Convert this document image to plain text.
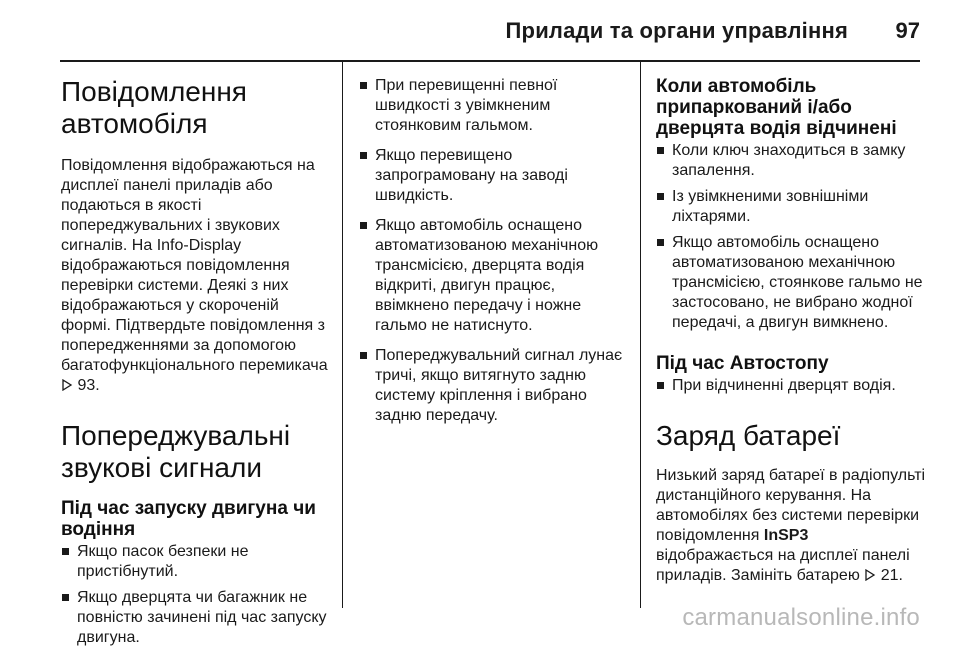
Прилади та органи управління 97
Повідомлення автомобіля

Повідомлення відображаються на дисплеї панелі приладів або подаються в якості попереджувальних і звукових сигналів. На Info-Display відображаються повідомлення перевірки системи. Деякі з них відображаються у скороченій формі. Підтвердьте повідомлення з попередженнями за допомогою багатофункціонального перемикача  93.

Попереджувальні звукові сигнали
Під час запуску двигуна чи водіння
Якщо пасок безпеки не пристібнутий.
Якщо дверцята чи багажник не повністю зачинені під час запуску двигуна.
При перевищенні певної швидкості з увімкненим стоянковим гальмом.
Якщо перевищено запрограмовану на заводі швидкість.
Якщо автомобіль оснащено автоматизованою механічною трансмісією, дверцята водія відкриті, двигун працює, ввімкнено передачу і ножне гальмо не натиснуто.
Попереджувальний сигнал лунає тричі, якщо витягнуто задню систему кріплення і вибрано задню передачу.
Коли автомобіль припаркований і/або дверцята водія відчинені
Коли ключ знаходиться в замку запалення.
Із увімкненими зовнішніми ліхтарями.
Якщо автомобіль оснащено автоматизованою механічною трансмісією, стоянкове гальмо не застосовано, не вибрано жодної передачі, а двигун вимкнено.
Під час Автостопу
При відчиненні дверцят водія.
Заряд батареї

Низький заряд батареї в радіопульті дистанційного керування. На автомобілях без системи перевірки повідомлення InSP3 відображається на дисплеї панелі приладів. Замініть батарею 21.

carmanualsonline.info
